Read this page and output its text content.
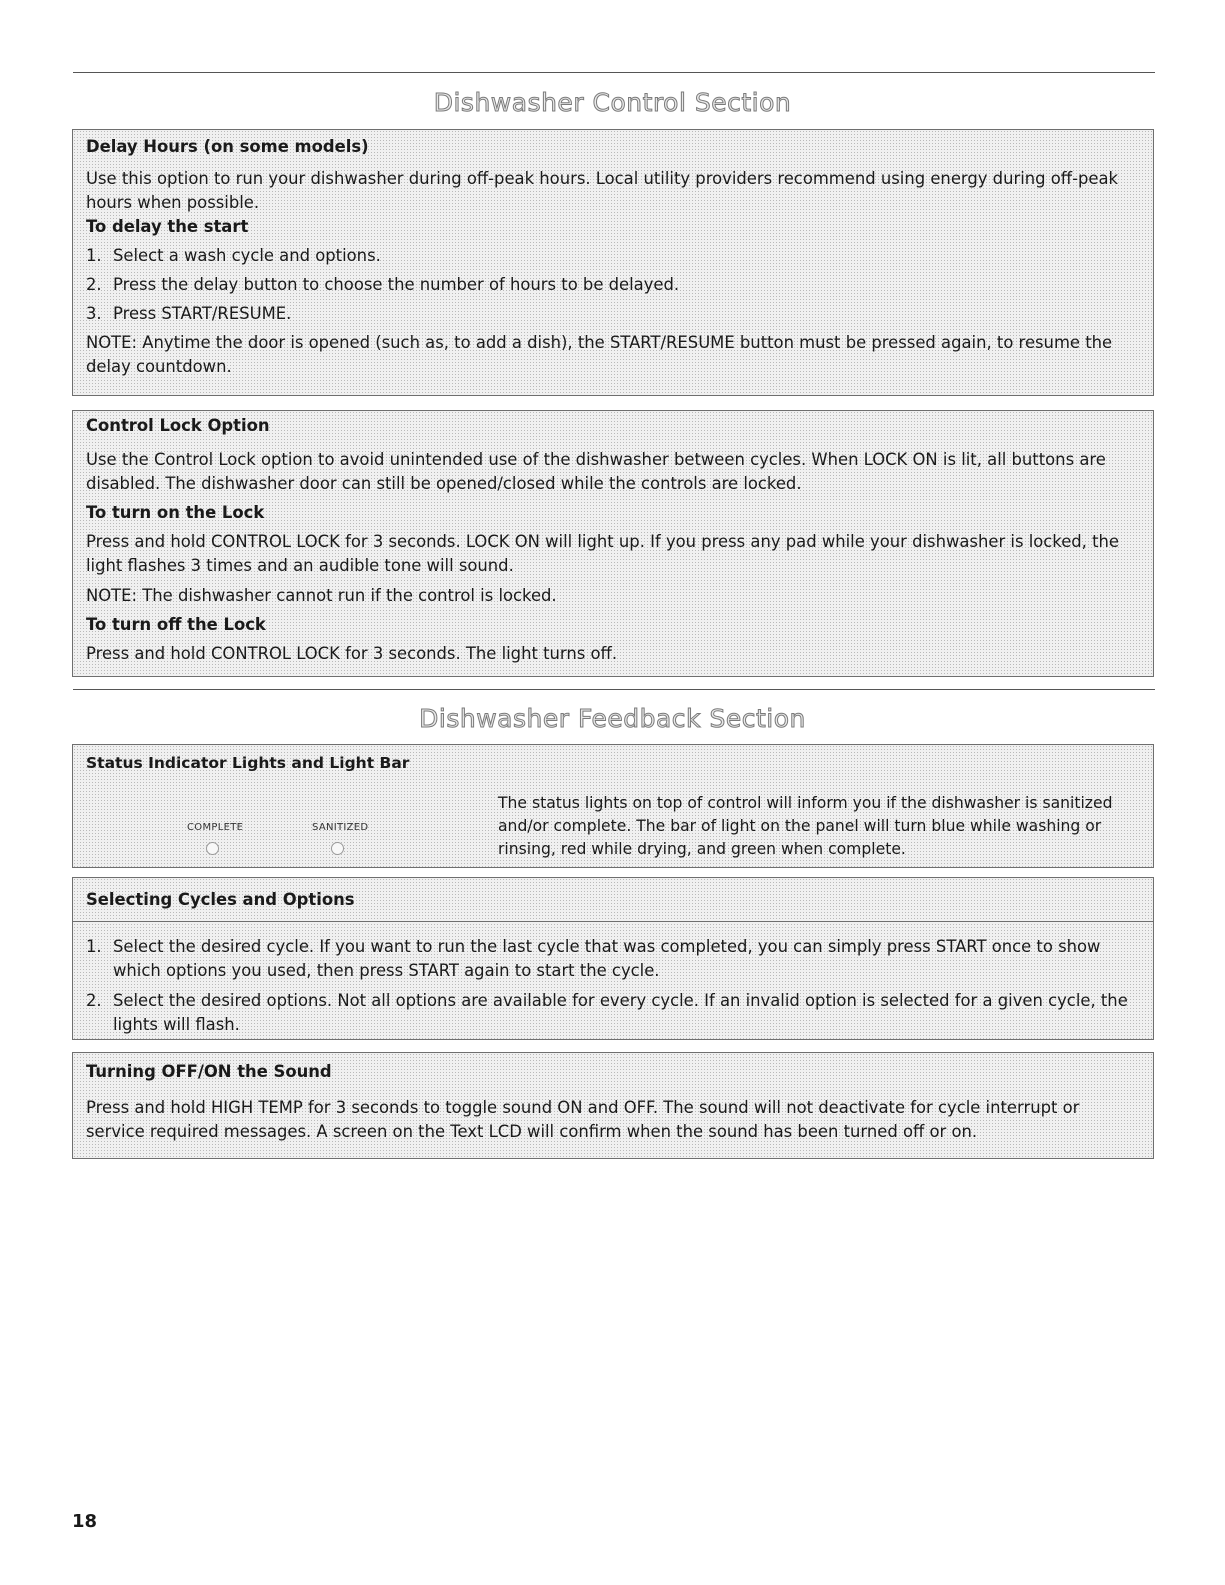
Dishwasher Control Section

Delay Hours (on some models)

Use this option to run your dishwasher during off-peak hours. Local utility providers recommend using energy during off-peak hours when possible.

To delay the start

1. Select a wash cycle and options.
2. Press the delay button to choose the number of hours to be delayed.
3. Press START/RESUME.

NOTE: Anytime the door is opened (such as, to add a dish), the START/RESUME button must be pressed again, to resume the delay countdown.

Control Lock Option

Use the Control Lock option to avoid unintended use of the dishwasher between cycles. When LOCK ON is lit, all buttons are disabled. The dishwasher door can still be opened/closed while the controls are locked.

To turn on the Lock

Press and hold CONTROL LOCK for 3 seconds. LOCK ON will light up. If you press any pad while your dishwasher is locked, the light flashes 3 times and an audible tone will sound.

NOTE: The dishwasher cannot run if the control is locked.

To turn off the Lock

Press and hold CONTROL LOCK for 3 seconds. The light turns off.

Dishwasher Feedback Section

Status Indicator Lights and Light Bar

COMPLETE	SANITIZED

The status lights on top of control will inform you if the dishwasher is sanitized and/or complete. The bar of light on the panel will turn blue while washing or rinsing, red while drying, and green when complete.

Selecting Cycles and Options
1. Select the desired cycle. If you want to run the last cycle that was completed, you can simply press START once to show which options you used, then press START again to start the cycle.
2. Select the desired options. Not all options are available for every cycle. If an invalid option is selected for a given cycle, the lights will flash.

Turning OFF/ON the Sound

Press and hold HIGH TEMP for 3 seconds to toggle sound ON and OFF. The sound will not deactivate for cycle interrupt or service required messages. A screen on the Text LCD will confirm when the sound has been turned off or on.

18
